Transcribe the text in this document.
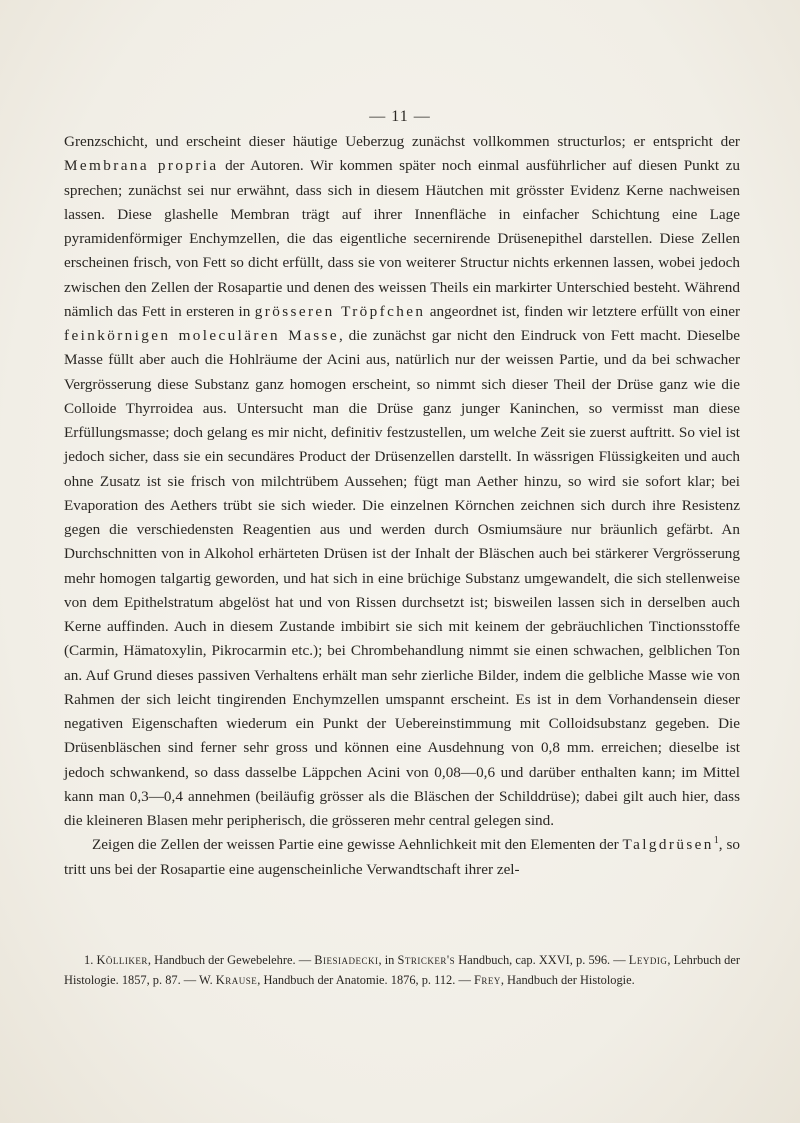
— 11 —

Grenzschicht, und erscheint dieser häutige Ueberzug zunächst vollkommen structurlos; er entspricht der Membrana propria der Autoren. Wir kommen später noch einmal ausführlicher auf diesen Punkt zu sprechen; zunächst sei nur erwähnt, dass sich in diesem Häutchen mit grösster Evidenz Kerne nachweisen lassen. Diese glashelle Membran trägt auf ihrer Innenfläche in einfacher Schichtung eine Lage pyramidenförmiger Enchymzellen, die das eigentliche secernirende Drüsenepithel darstellen. Diese Zellen erscheinen frisch, von Fett so dicht erfüllt, dass sie von weiterer Structur nichts erkennen lassen, wobei jedoch zwischen den Zellen der Rosapartie und denen des weissen Theils ein markirter Unterschied besteht. Während nämlich das Fett in ersteren in grösseren Tröpfchen angeordnet ist, finden wir letztere erfüllt von einer feinkörnigen moleculären Masse, die zunächst gar nicht den Eindruck von Fett macht. Dieselbe Masse füllt aber auch die Hohlräume der Acini aus, natürlich nur der weissen Partie, und da bei schwacher Vergrösserung diese Substanz ganz homogen erscheint, so nimmt sich dieser Theil der Drüse ganz wie die Colloide Thyrroidea aus. Untersucht man die Drüse ganz junger Kaninchen, so vermisst man diese Erfüllungsmasse; doch gelang es mir nicht, definitiv festzustellen, um welche Zeit sie zuerst auftritt. So viel ist jedoch sicher, dass sie ein secundäres Product der Drüsenzellen darstellt. In wässrigen Flüssigkeiten und auch ohne Zusatz ist sie frisch von milchtrübem Aussehen; fügt man Aether hinzu, so wird sie sofort klar; bei Evaporation des Aethers trübt sie sich wieder. Die einzelnen Körnchen zeichnen sich durch ihre Resistenz gegen die verschiedensten Reagentien aus und werden durch Osmiumsäure nur bräunlich gefärbt. An Durchschnitten von in Alkohol erhärteten Drüsen ist der Inhalt der Bläschen auch bei stärkerer Vergrösserung mehr homogen talgartig geworden, und hat sich in eine brüchige Substanz umgewandelt, die sich stellenweise von dem Epithelstratum abgelöst hat und von Rissen durchsetzt ist; bisweilen lassen sich in derselben auch Kerne auffinden. Auch in diesem Zustande imbibirt sie sich mit keinem der gebräuchlichen Tinctionsstoffe (Carmin, Hämatoxylin, Pikrocarmin etc.); bei Chrombehandlung nimmt sie einen schwachen, gelblichen Ton an. Auf Grund dieses passiven Verhaltens erhält man sehr zierliche Bilder, indem die gelbliche Masse wie von Rahmen der sich leicht tingirenden Enchymzellen umspannt erscheint. Es ist in dem Vorhandensein dieser negativen Eigenschaften wiederum ein Punkt der Uebereinstimmung mit Colloidsubstanz gegeben. Die Drüsenbläschen sind ferner sehr gross und können eine Ausdehnung von 0,8 mm. erreichen; dieselbe ist jedoch schwankend, so dass dasselbe Läppchen Acini von 0,08—0,6 und darüber enthalten kann; im Mittel kann man 0,3—0,4 annehmen (beiläufig grösser als die Bläschen der Schilddrüse); dabei gilt auch hier, dass die kleineren Blasen mehr peripherisch, die grösseren mehr central gelegen sind.

Zeigen die Zellen der weissen Partie eine gewisse Aehnlichkeit mit den Elementen der Talgdrüsen$^1$, so tritt uns bei der Rosapartie eine augenscheinliche Verwandtschaft ihrer zel-

1. Kölliker, Handbuch der Gewebelehre. — Biesiadecki, in Stricker's Handbuch, cap. XXVI, p. 596. — Leydig, Lehrbuch der Histologie. 1857, p. 87. — W. Krause, Handbuch der Anatomie. 1876, p. 112. — Frey, Handbuch der Histologie.
